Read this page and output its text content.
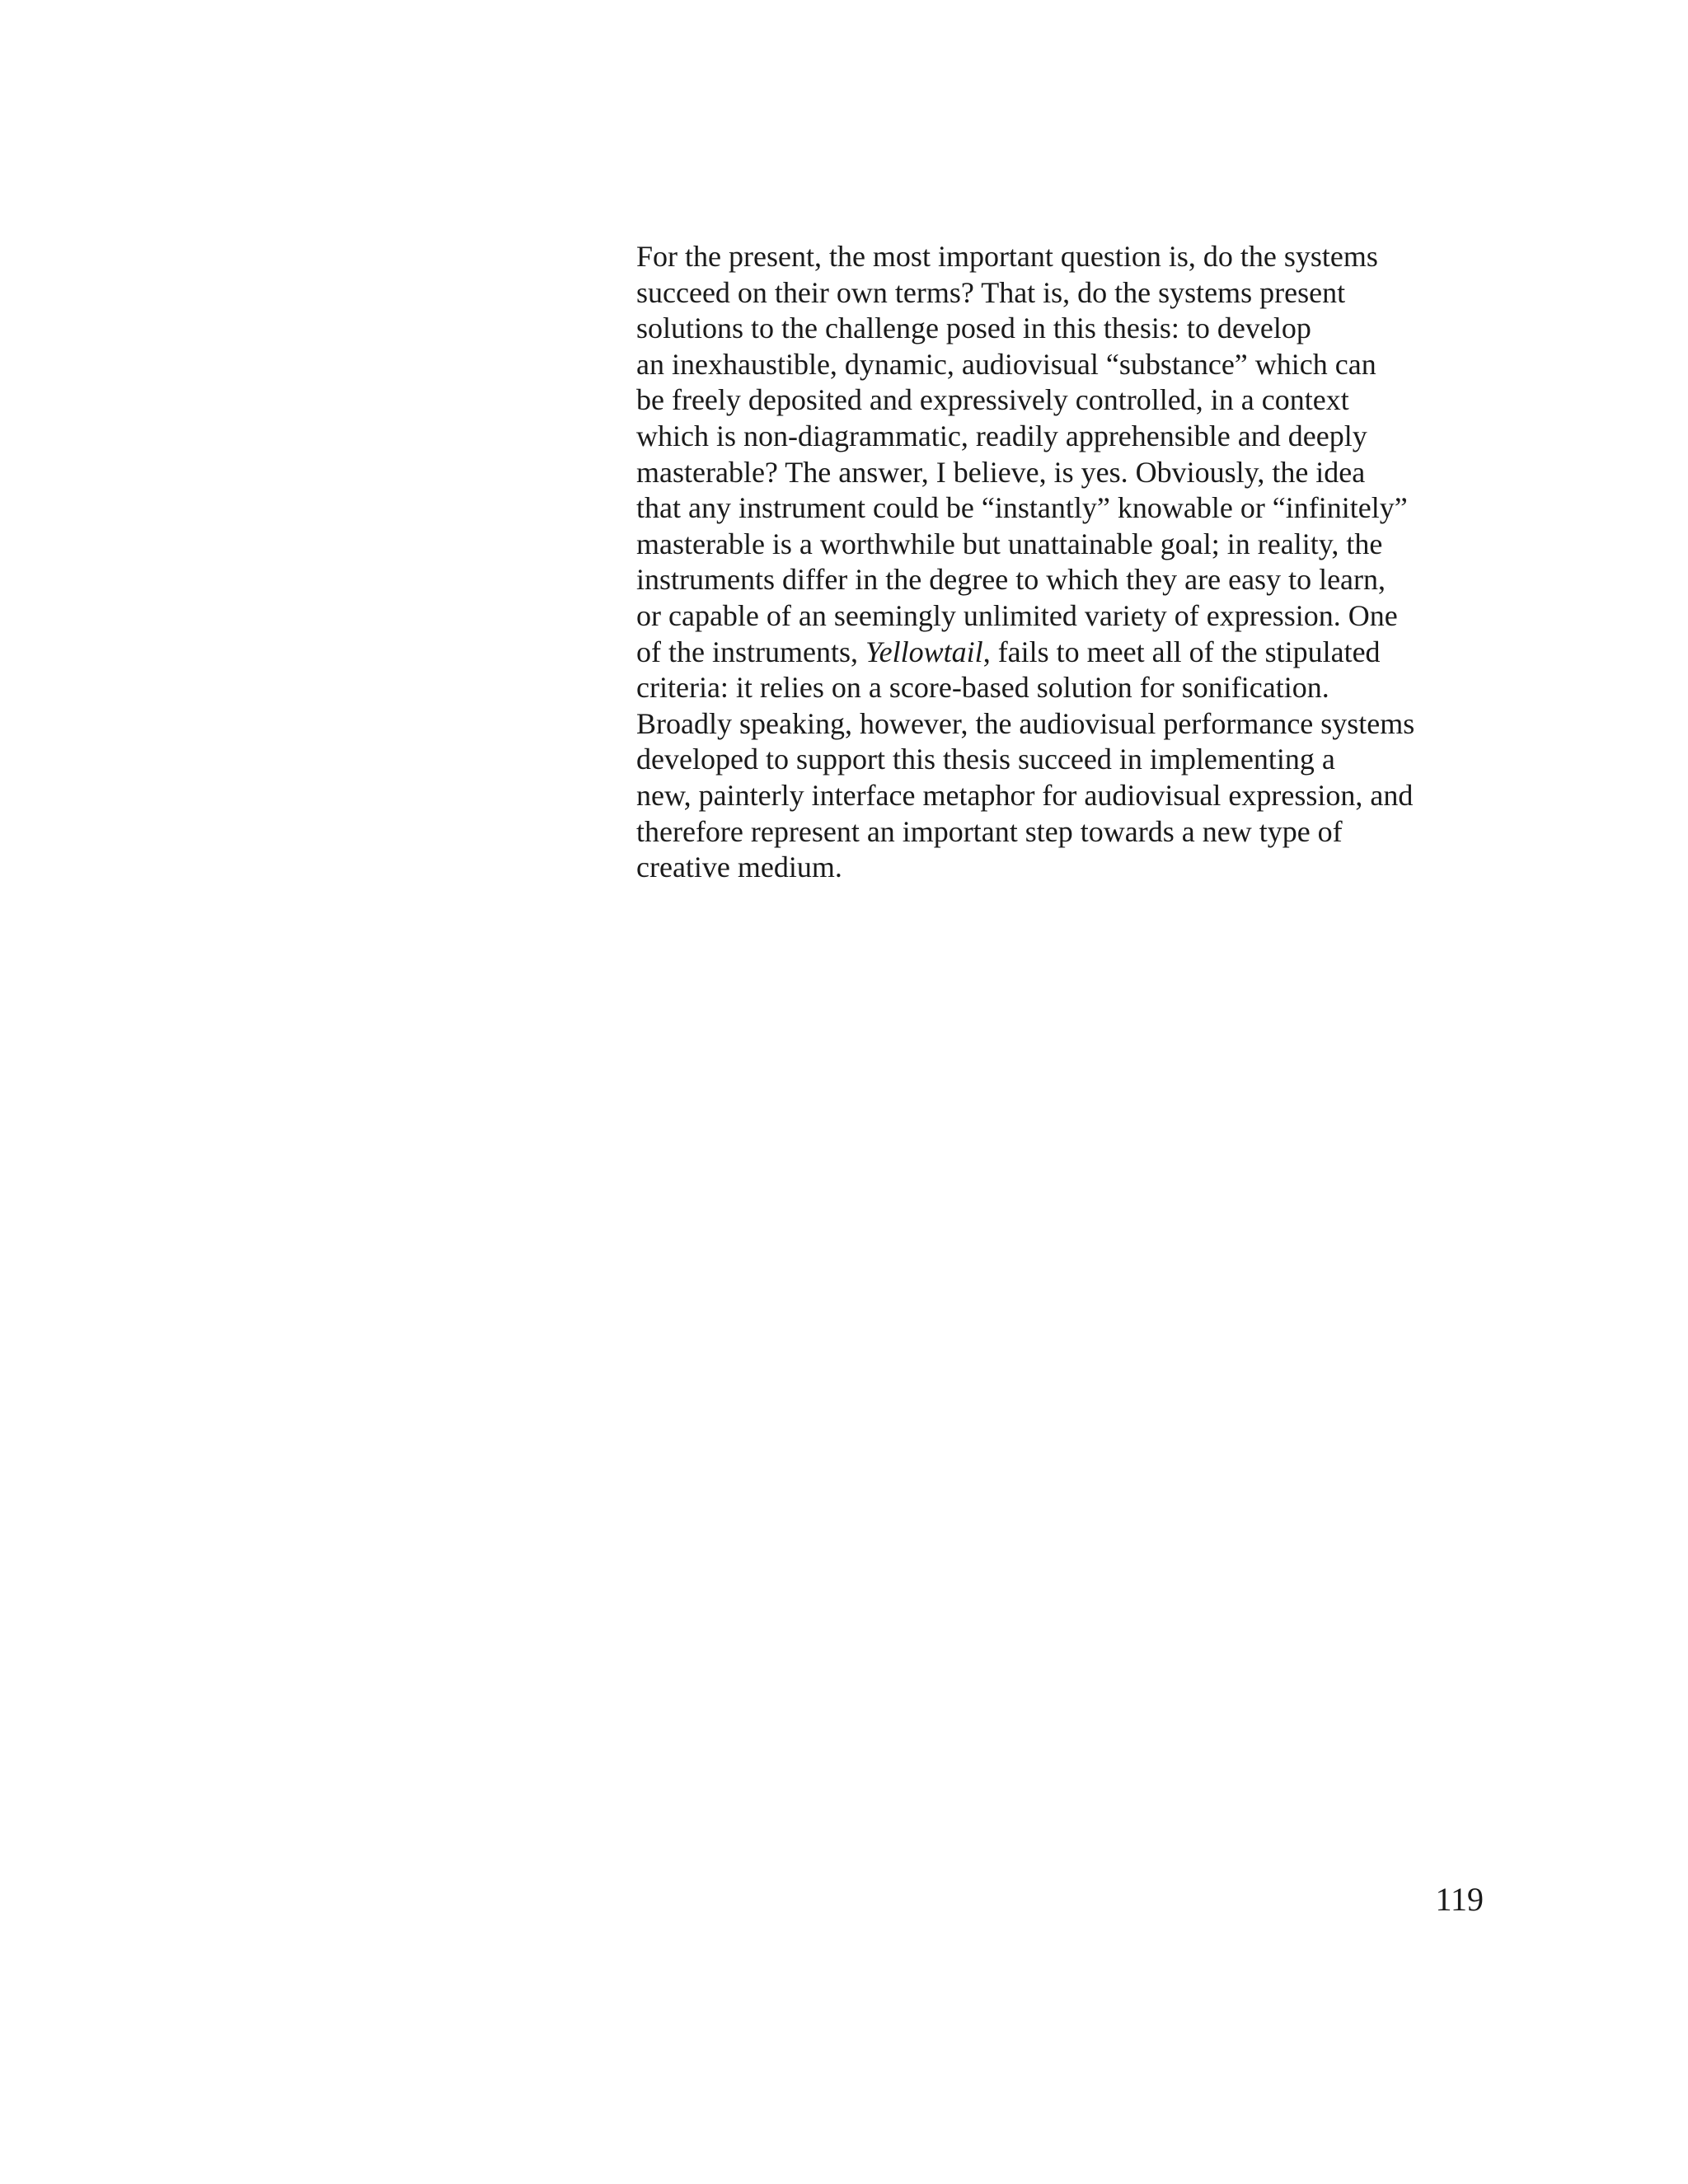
For the present, the most important question is, do the systems
succeed on their own terms? That is, do the systems present
solutions to the challenge posed in this thesis: to develop
an inexhaustible, dynamic, audiovisual “substance” which can
be freely deposited and expressively controlled, in a context
which is non-diagrammatic, readily apprehensible and deeply
masterable? The answer, I believe, is yes. Obviously, the idea
that any instrument could be “instantly” knowable or “infinitely”
masterable is a worthwhile but unattainable goal; in reality, the
instruments differ in the degree to which they are easy to learn,
or capable of an seemingly unlimited variety of expression. One
of the instruments, Yellowtail, fails to meet all of the stipulated
criteria: it relies on a score-based solution for sonification.
Broadly speaking, however, the audiovisual performance systems
developed to support this thesis succeed in implementing a
new, painterly interface metaphor for audiovisual expression, and
therefore represent an important step towards a new type of
creative medium.

119
